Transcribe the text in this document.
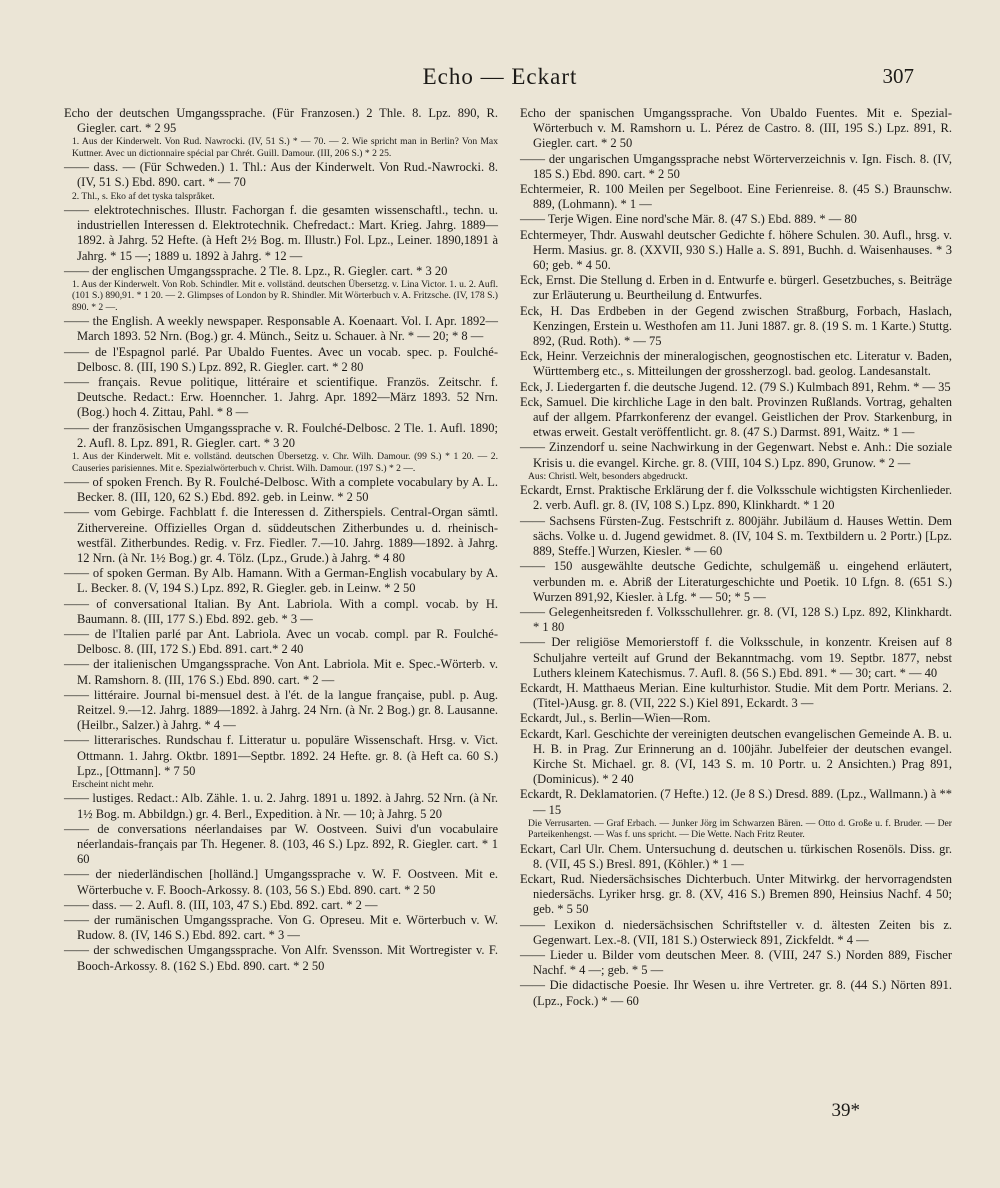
Echo — Eckart	307

Echo der deutschen Umgangssprache. (Für Franzosen.) 2 Thle. 8. Lpz. 890, R. Giegler. cart. * 2 95

1. Aus der Kinderwelt. Von Rud. Nawrocki. (IV, 51 S.) * — 70. — 2. Wie spricht man in Berlin? Von Max Kuttner. Avec un dictionnaire spécial par Chrét. Guill. Damour. (III, 206 S.) * 2 25.

—— dass. — (Für Schweden.) 1. Thl.: Aus der Kinderwelt. Von Rud.-Nawrocki. 8. (IV, 51 S.) Ebd. 890. cart. * — 70

2. Thl., s. Eko af det tyska talspråket.

—— elektrotechnisches. Illustr. Fachorgan f. die gesamten wissenschaftl., techn. u. industriellen Interessen d. Elektrotechnik. Chefredact.: Mart. Krieg. Jahrg. 1889—1892. à Jahrg. 52 Hefte. (à Heft 2½ Bog. m. Illustr.) Fol. Lpz., Leiner. 1890,1891 à Jahrg. * 15 —; 1889 u. 1892 à Jahrg. * 12 —

—— der englischen Umgangssprache. 2 Tle. 8. Lpz., R. Giegler. cart. * 3 20

1. Aus der Kinderwelt. Von Rob. Schindler. Mit e. vollständ. deutschen Übersetzg. v. Lina Victor. 1. u. 2. Aufl. (101 S.) 890,91. * 1 20. — 2. Glimpses of London by R. Shindler. Mit Wörterbuch v. A. Fritzsche. (IV, 178 S.) 890. * 2 —.

—— the English. A weekly newspaper. Responsable A. Koenaart. Vol. I. Apr. 1892—March 1893. 52 Nrn. (Bog.) gr. 4. Münch., Seitz u. Schauer. à Nr. * — 20; * 8 —

—— de l'Espagnol parlé. Par Ubaldo Fuentes. Avec un vocab. spec. p. Foulché-Delbosc. 8. (III, 190 S.) Lpz. 892, R. Giegler. cart. * 2 80

—— français. Revue politique, littéraire et scientifique. Französ. Zeitschr. f. Deutsche. Redact.: Erw. Hoenncher. 1. Jahrg. Apr. 1892—März 1893. 52 Nrn. (Bog.) hoch 4. Zittau, Pahl. * 8 —

—— der französischen Umgangssprache v. R. Foulché-Delbosc. 2 Tle. 1. Aufl. 1890; 2. Aufl. 8. Lpz. 891, R. Giegler. cart. * 3 20

1. Aus der Kinderwelt. Mit e. vollständ. deutschen Übersetzg. v. Chr. Wilh. Damour. (99 S.) * 1 20. — 2. Causeries parisiennes. Mit e. Spezialwörterbuch v. Christ. Wilh. Damour. (197 S.) * 2 —.

—— of spoken French. By R. Foulché-Delbosc. With a complete vocabulary by A. L. Becker. 8. (III, 120, 62 S.) Ebd. 892. geb. in Leinw. * 2 50

—— vom Gebirge. Fachblatt f. die Interessen d. Zitherspiels. Central-Organ sämtl. Zithervereine. Offizielles Organ d. süddeutschen Zitherbundes u. d. rheinisch-westfäl. Zitherbundes. Redig. v. Frz. Fiedler. 7.—10. Jahrg. 1889—1892. à Jahrg. 12 Nrn. (à Nr. 1½ Bog.) gr. 4. Tölz. (Lpz., Grude.) à Jahrg. * 4 80

—— of spoken German. By Alb. Hamann. With a German-English vocabulary by A. L. Becker. 8. (V, 194 S.) Lpz. 892, R. Giegler. geb. in Leinw. * 2 50

—— of conversational Italian. By Ant. Labriola. With a compl. vocab. by H. Baumann. 8. (III, 177 S.) Ebd. 892. geb. * 3 —

—— de l'Italien parlé par Ant. Labriola. Avec un vocab. compl. par R. Foulché-Delbosc. 8. (III, 172 S.) Ebd. 891. cart.* 2 40

—— der italienischen Umgangssprache. Von Ant. Labriola. Mit e. Spec.-Wörterb. v. M. Ramshorn. 8. (III, 176 S.) Ebd. 890. cart. * 2 —

—— littéraire. Journal bi-mensuel dest. à l'ét. de la langue française, publ. p. Aug. Reitzel. 9.—12. Jahrg. 1889—1892. à Jahrg. 24 Nrn. (à Nr. 2 Bog.) gr. 8. Lausanne. (Heilbr., Salzer.) à Jahrg. * 4 —

—— litterarisches. Rundschau f. Litteratur u. populäre Wissenschaft. Hrsg. v. Vict. Ottmann. 1. Jahrg. Oktbr. 1891—Septbr. 1892. 24 Hefte. gr. 8. (à Heft ca. 60 S.) Lpz., [Ottmann]. * 7 50

Erscheint nicht mehr.

—— lustiges. Redact.: Alb. Zähle. 1. u. 2. Jahrg. 1891 u. 1892. à Jahrg. 52 Nrn. (à Nr. 1½ Bog. m. Abbildgn.) gr. 4. Berl., Expedition. à Nr. — 10; à Jahrg. 5 20

—— de conversations néerlandaises par W. Oostveen. Suivi d'un vocabulaire néerlandais-français par Th. Hegener. 8. (103, 46 S.) Lpz. 892, R. Giegler. cart. * 1 60

—— der niederländischen [holländ.] Umgangssprache v. W. F. Oostveen. Mit e. Wörterbuche v. F. Booch-Arkossy. 8. (103, 56 S.) Ebd. 890. cart. * 2 50

—— dass. — 2. Aufl. 8. (III, 103, 47 S.) Ebd. 892. cart. * 2 —

—— der rumänischen Umgangssprache. Von G. Opreseu. Mit e. Wörterbuch v. W. Rudow. 8. (IV, 146 S.) Ebd. 892. cart. * 3 —

—— der schwedischen Umgangssprache. Von Alfr. Svensson. Mit Wortregister v. F. Booch-Arkossy. 8. (162 S.) Ebd. 890. cart. * 2 50

Echo der spanischen Umgangssprache. Von Ubaldo Fuentes. Mit e. Spezial-Wörterbuch v. M. Ramshorn u. L. Pérez de Castro. 8. (III, 195 S.) Lpz. 891, R. Giegler. cart. * 2 50

—— der ungarischen Umgangssprache nebst Wörterverzeichnis v. Ign. Fisch. 8. (IV, 185 S.) Ebd. 890. cart. * 2 50

Echtermeier, R. 100 Meilen per Segelboot. Eine Ferienreise. 8. (45 S.) Braunschw. 889, (Lohmann). * 1 —

—— Terje Wigen. Eine nord'sche Mär. 8. (47 S.) Ebd. 889. * — 80

Echtermeyer, Thdr. Auswahl deutscher Gedichte f. höhere Schulen. 30. Aufl., hrsg. v. Herm. Masius. gr. 8. (XXVII, 930 S.) Halle a. S. 891, Buchh. d. Waisenhauses. * 3 60; geb. * 4 50.

Eck, Ernst. Die Stellung d. Erben in d. Entwurfe e. bürgerl. Gesetzbuches, s. Beiträge zur Erläuterung u. Beurtheilung d. Entwurfes.

Eck, H. Das Erdbeben in der Gegend zwischen Straßburg, Forbach, Haslach, Kenzingen, Erstein u. Westhofen am 11. Juni 1887. gr. 8. (19 S. m. 1 Karte.) Stuttg. 892, (Rud. Roth). * — 75

Eck, Heinr. Verzeichnis der mineralogischen, geognostischen etc. Literatur v. Baden, Württemberg etc., s. Mitteilungen der grossherzogl. bad. geolog. Landesanstalt.

Eck, J. Liedergarten f. die deutsche Jugend. 12. (79 S.) Kulmbach 891, Rehm. * — 35

Eck, Samuel. Die kirchliche Lage in den balt. Provinzen Rußlands. Vortrag, gehalten auf der allgem. Pfarrkonferenz der evangel. Geistlichen der Prov. Starkenburg, in etwas erweit. Gestalt veröffentlicht. gr. 8. (47 S.) Darmst. 891, Waitz. * 1 —

—— Zinzendorf u. seine Nachwirkung in der Gegenwart. Nebst e. Anh.: Die soziale Krisis u. die evangel. Kirche. gr. 8. (VIII, 104 S.) Lpz. 890, Grunow. * 2 —

Aus: Christl. Welt, besonders abgedruckt.

Eckardt, Ernst. Praktische Erklärung der f. die Volksschule wichtigsten Kirchenlieder. 2. verb. Aufl. gr. 8. (IV, 108 S.) Lpz. 890, Klinkhardt. * 1 20

—— Sachsens Fürsten-Zug. Festschrift z. 800jähr. Jubiläum d. Hauses Wettin. Dem sächs. Volke u. d. Jugend gewidmet. 8. (IV, 104 S. m. Textbildern u. 2 Portr.) [Lpz. 889, Steffe.] Wurzen, Kiesler. * — 60

—— 150 ausgewählte deutsche Gedichte, schulgemäß u. eingehend erläutert, verbunden m. e. Abriß der Literaturgeschichte und Poetik. 10 Lfgn. 8. (651 S.) Wurzen 891,92, Kiesler. à Lfg. * — 50; * 5 —

—— Gelegenheitsreden f. Volksschullehrer. gr. 8. (VI, 128 S.) Lpz. 892, Klinkhardt. * 1 80

—— Der religiöse Memorierstoff f. die Volksschule, in konzentr. Kreisen auf 8 Schuljahre verteilt auf Grund der Bekanntmachg. vom 19. Septbr. 1877, nebst Luthers kleinem Katechismus. 7. Aufl. 8. (56 S.) Ebd. 891. * — 30; cart. * — 40

Eckardt, H. Matthaeus Merian. Eine kulturhistor. Studie. Mit dem Portr. Merians. 2. (Titel-)Ausg. gr. 8. (VII, 222 S.) Kiel 891, Eckardt. 3 —

Eckardt, Jul., s. Berlin—Wien—Rom.

Eckardt, Karl. Geschichte der vereinigten deutschen evangelischen Gemeinde A. B. u. H. B. in Prag. Zur Erinnerung an d. 100jähr. Jubelfeier der deutschen evangel. Kirche St. Michael. gr. 8. (VI, 143 S. m. 10 Portr. u. 2 Ansichten.) Prag 891, (Dominicus). * 2 40

Eckardt, R. Deklamatorien. (7 Hefte.) 12. (Je 8 S.) Dresd. 889. (Lpz., Wallmann.) à ** — 15

Die Verrusarten. — Graf Erbach. — Junker Jörg im Schwarzen Bären. — Otto d. Große u. f. Bruder. — Der Parteikenhengst. — Was f. uns spricht. — Die Wette. Nach Fritz Reuter.

Eckart, Carl Ulr. Chem. Untersuchung d. deutschen u. türkischen Rosenöls. Diss. gr. 8. (VII, 45 S.) Bresl. 891, (Köhler.) * 1 —

Eckart, Rud. Niedersächsisches Dichterbuch. Unter Mitwirkg. der hervorragendsten niedersächs. Lyriker hrsg. gr. 8. (XV, 416 S.) Bremen 890, Heinsius Nachf. 4 50; geb. * 5 50

—— Lexikon d. niedersächsischen Schriftsteller v. d. ältesten Zeiten bis z. Gegenwart. Lex.-8. (VII, 181 S.) Osterwieck 891, Zickfeldt. * 4 —

—— Lieder u. Bilder vom deutschen Meer. 8. (VIII, 247 S.) Norden 889, Fischer Nachf. * 4 —; geb. * 5 —

—— Die didactische Poesie. Ihr Wesen u. ihre Vertreter. gr. 8. (44 S.) Nörten 891. (Lpz., Fock.) * — 60

39*
